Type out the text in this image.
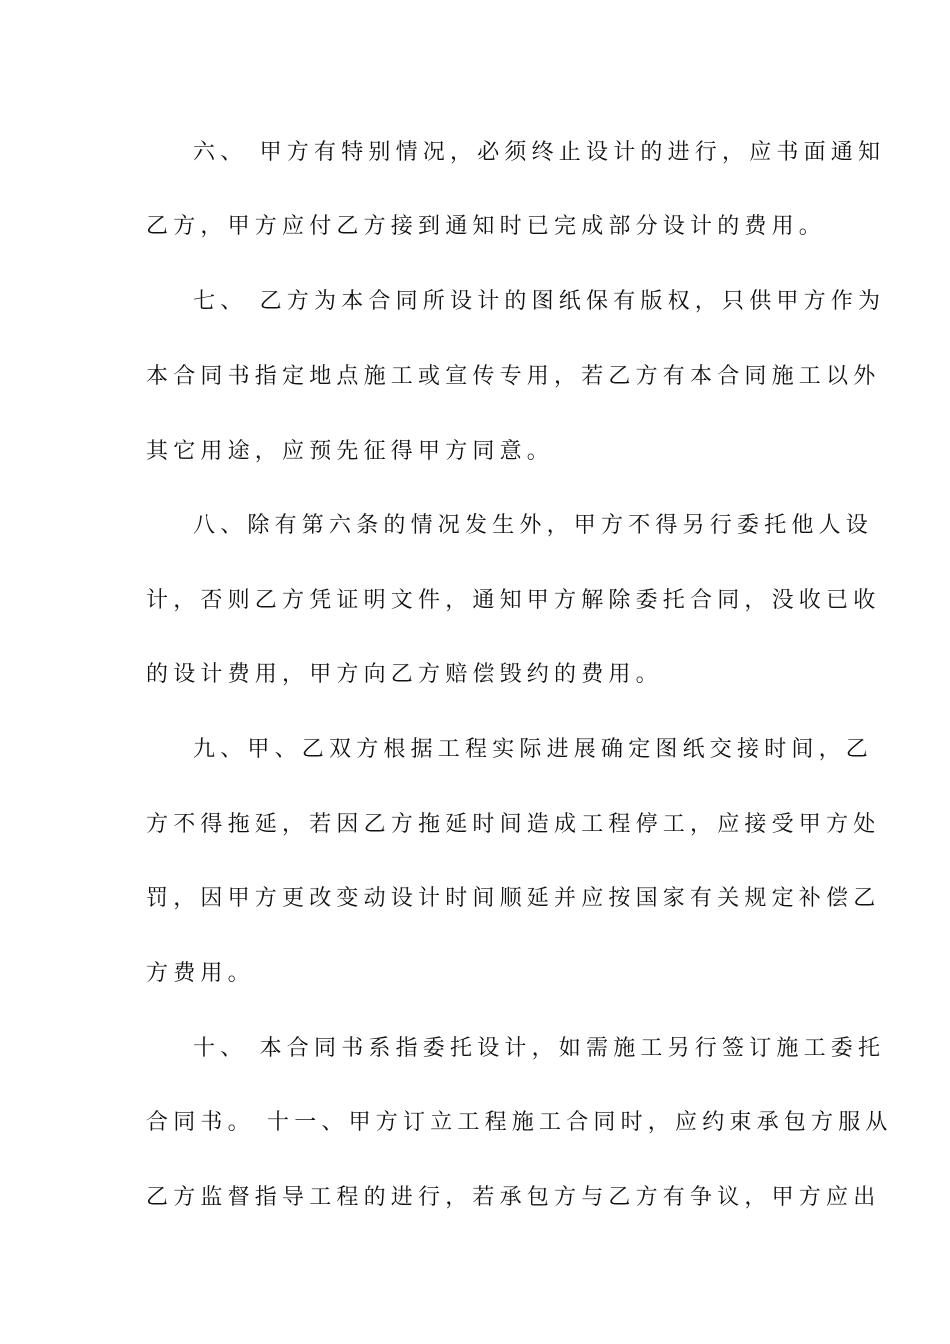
六、 甲方有特别情况，必须终止设计的进行，应书面通知
乙方，甲方应付乙方接到通知时已完成部分设计的费用。
七、 乙方为本合同所设计的图纸保有版权，只供甲方作为
本合同书指定地点施工或宣传专用，若乙方有本合同施工以外
其它用途，应预先征得甲方同意。
八、除有第六条的情况发生外，甲方不得另行委托他人设
计，否则乙方凭证明文件，通知甲方解除委托合同，没收已收
的设计费用，甲方向乙方赔偿毁约的费用。
九、甲、乙双方根据工程实际进展确定图纸交接时间，乙
方不得拖延，若因乙方拖延时间造成工程停工，应接受甲方处
罚，因甲方更改变动设计时间顺延并应按国家有关规定补偿乙
方费用。
十、 本合同书系指委托设计，如需施工另行签订施工委托
合同书。 十一、甲方订立工程施工合同时，应约束承包方服从
乙方监督指导工程的进行，若承包方与乙方有争议，甲方应出
